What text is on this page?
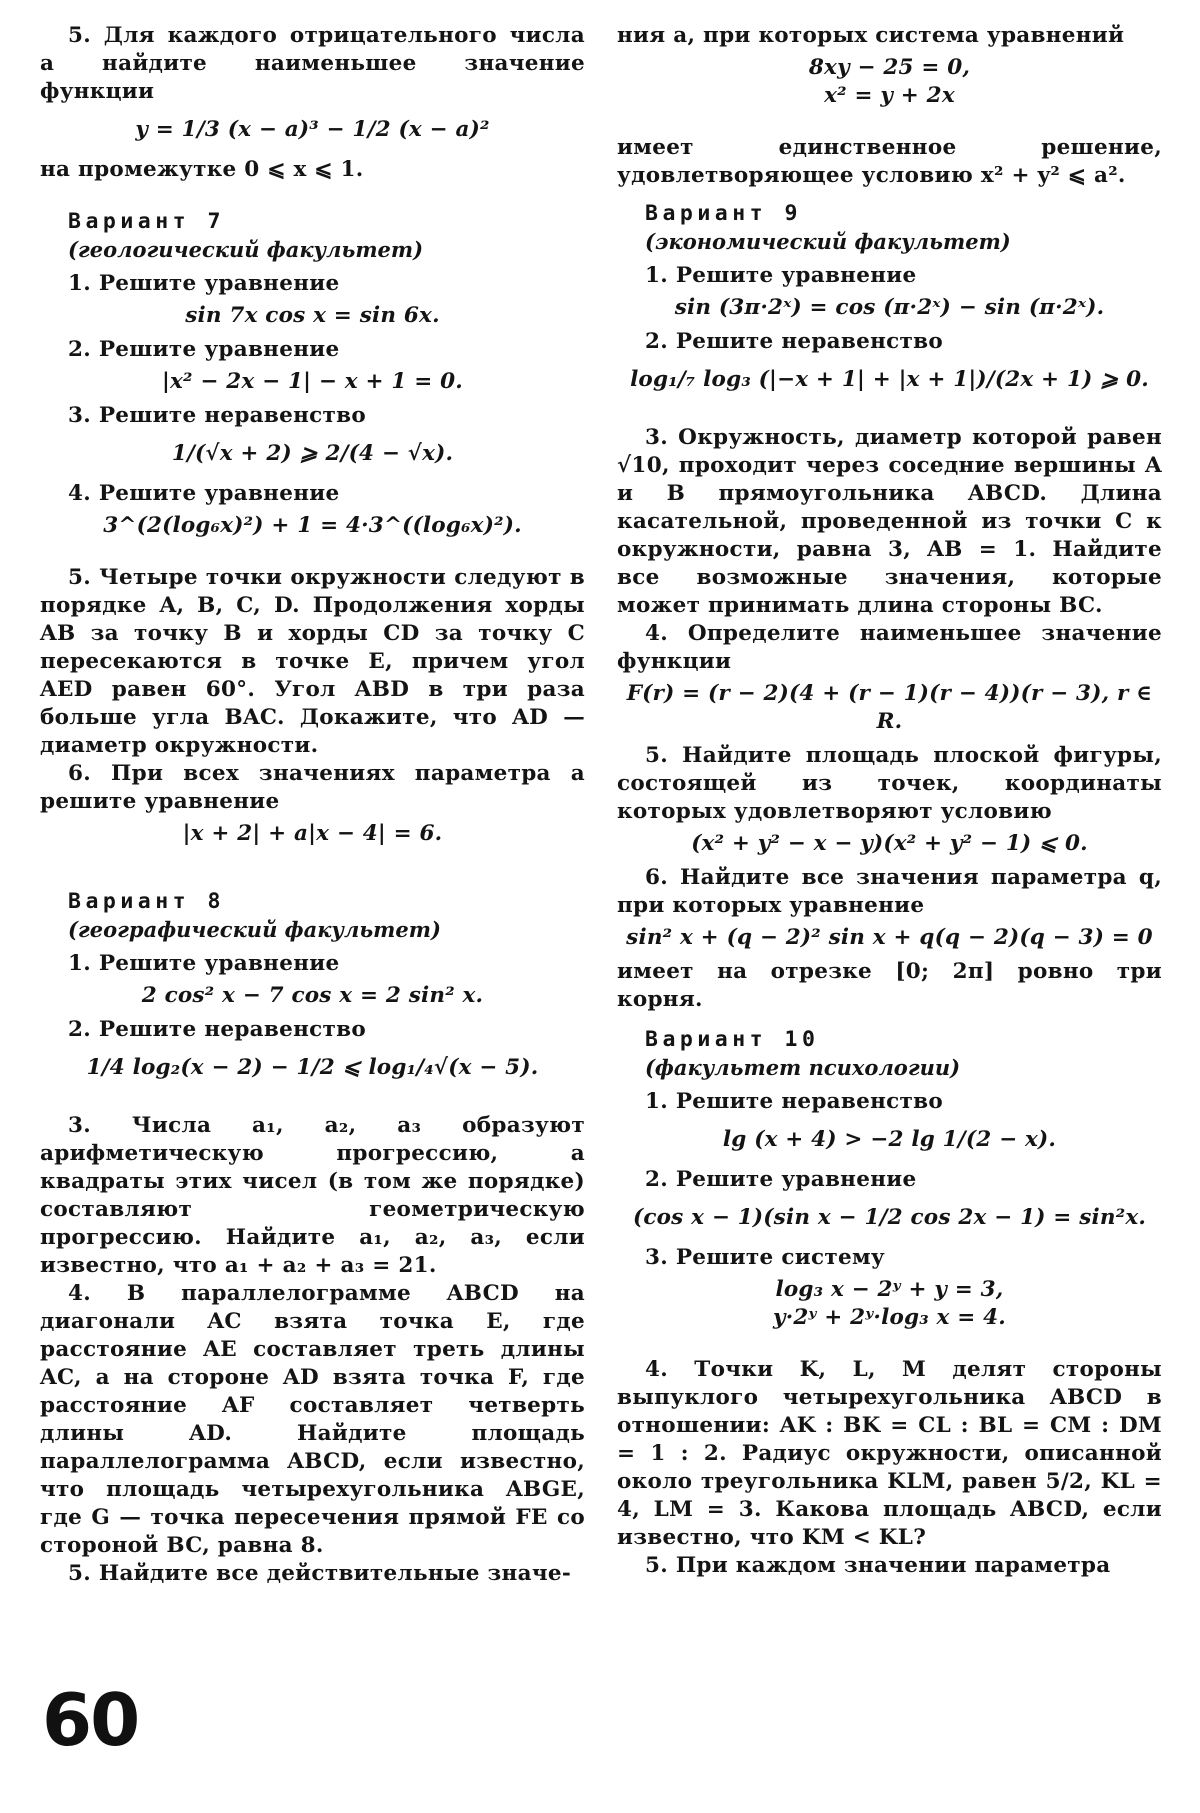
5. Для каждого отрицательного числа a найдите наименьшее значение функции

y = 1/3 (x − a)³ − 1/2 (x − a)²

на промежутке 0 ⩽ x ⩽ 1.

Вариант 7
(геологический факультет)

1. Решите уравнение

sin 7x cos x = sin 6x.

2. Решите уравнение

|x² − 2x − 1| − x + 1 = 0.

3. Решите неравенство

1/(√x + 2) ⩾ 2/(4 − √x).

4. Решите уравнение

3^(2(log₆x)²) + 1 = 4·3^((log₆x)²).

5. Четыре точки окружности следуют в порядке A, B, C, D. Продолжения хорды AB за точку B и хорды CD за точку C пересекаются в точке E, причем угол AED равен 60°. Угол ABD в три раза больше угла BAC. Докажите, что AD — диаметр окружности.

6. При всех значениях параметра a решите уравнение

|x + 2| + a|x − 4| = 6.

Вариант 8
(географический факультет)

1. Решите уравнение

2 cos² x − 7 cos x = 2 sin² x.

2. Решите неравенство

1/4 log₂(x − 2) − 1/2 ⩽ log₁/₄√(x − 5).

3. Числа a₁, a₂, a₃ образуют арифметическую прогрессию, а квадраты этих чисел (в том же порядке) составляют геометрическую прогрессию. Найдите a₁, a₂, a₃, если известно, что a₁ + a₂ + a₃ = 21.

4. В параллелограмме ABCD на диагонали AC взята точка E, где расстояние AE составляет треть длины AC, а на стороне AD взята точка F, где расстояние AF составляет четверть длины AD. Найдите площадь параллелограмма ABCD, если известно, что площадь четырехугольника ABGE, где G — точка пересечения прямой FE со стороной BC, равна 8.

5. Найдите все действительные значе-

ния a, при которых система уравнений

8xy − 25 = 0,

x² = y + 2x

имеет единственное решение, удовлетворяющее условию x² + y² ⩽ a².

Вариант 9
(экономический факультет)

1. Решите уравнение

sin (3π·2ˣ) = cos (π·2ˣ) − sin (π·2ˣ).

2. Решите неравенство

log₁/₇ log₃ (|−x + 1| + |x + 1|)/(2x + 1) ⩾ 0.

3. Окружность, диаметр которой равен √10, проходит через соседние вершины A и B прямоугольника ABCD. Длина касательной, проведенной из точки C к окружности, равна 3, AB = 1. Найдите все возможные значения, которые может принимать длина стороны BC.

4. Определите наименьшее значение функции

F(r) = (r − 2)(4 + (r − 1)(r − 4))(r − 3), r ∈ R.

5. Найдите площадь плоской фигуры, состоящей из точек, координаты которых удовлетворяют условию

(x² + y² − x − y)(x² + y² − 1) ⩽ 0.

6. Найдите все значения параметра q, при которых уравнение

sin² x + (q − 2)² sin x + q(q − 2)(q − 3) = 0

имеет на отрезке [0; 2π] ровно три корня.

Вариант 10
(факультет психологии)

1. Решите неравенство

lg (x + 4) > −2 lg 1/(2 − x).

2. Решите уравнение

(cos x − 1)(sin x − 1/2 cos 2x − 1) = sin²x.

3. Решите систему

log₃ x − 2ʸ + y = 3,

y·2ʸ + 2ʸ·log₃ x = 4.

4. Точки K, L, M делят стороны выпуклого четырехугольника ABCD в отношении: AK : BK = CL : BL = CM : DM = 1 : 2. Радиус окружности, описанной около треугольника KLM, равен 5/2, KL = 4, LM = 3. Какова площадь ABCD, если известно, что KM < KL?

5. При каждом значении параметра

60
